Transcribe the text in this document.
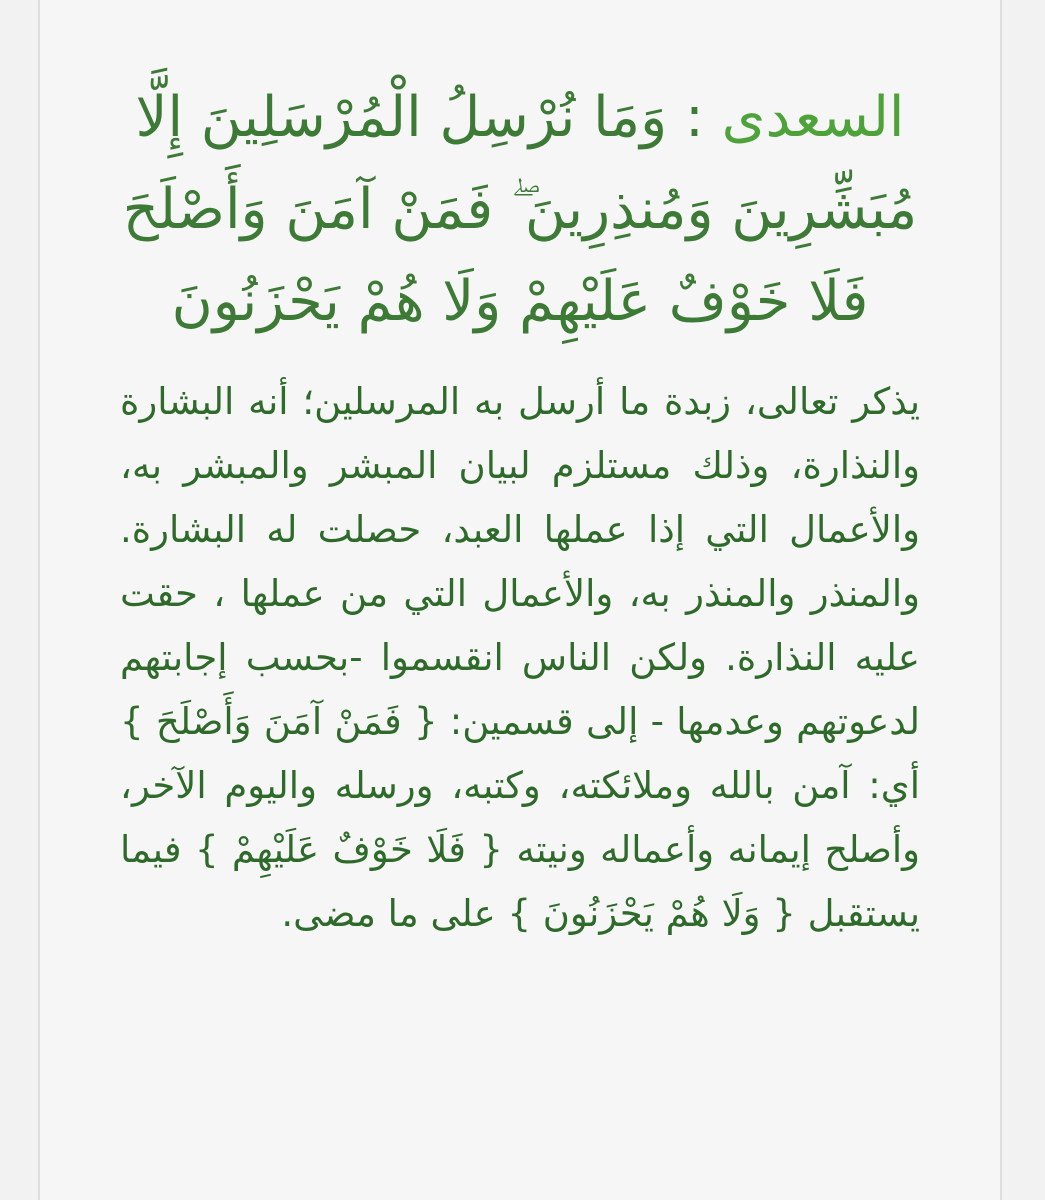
السعدى : وَمَا نُرْسِلُ الْمُرْسَلِينَ إِلَّا مُبَشِّرِينَ وَمُنذِرِينَ ۖ فَمَنْ آمَنَ وَأَصْلَحَ فَلَا خَوْفٌ عَلَيْهِمْ وَلَا هُمْ يَحْزَنُونَ

يذكر تعالى، زبدة ما أرسل به المرسلين؛ أنه البشارة والنذارة، وذلك مستلزم لبيان المبشر والمبشر به، والأعمال التي إذا عملها العبد، حصلت له البشارة. والمنذر والمنذر به، والأعمال التي من عملها ، حقت عليه النذارة. ولكن الناس انقسموا -بحسب إجابتهم لدعوتهم وعدمها - إلى قسمين: { فَمَنْ آمَنَ وَأَصْلَحَ } أي: آمن بالله وملائكته، وكتبه، ورسله واليوم الآخر، وأصلح إيمانه وأعماله ونيته { فَلَا خَوْفٌ عَلَيْهِمْ } فيما يستقبل { وَلَا هُمْ يَحْزَنُونَ } على ما مضى.
